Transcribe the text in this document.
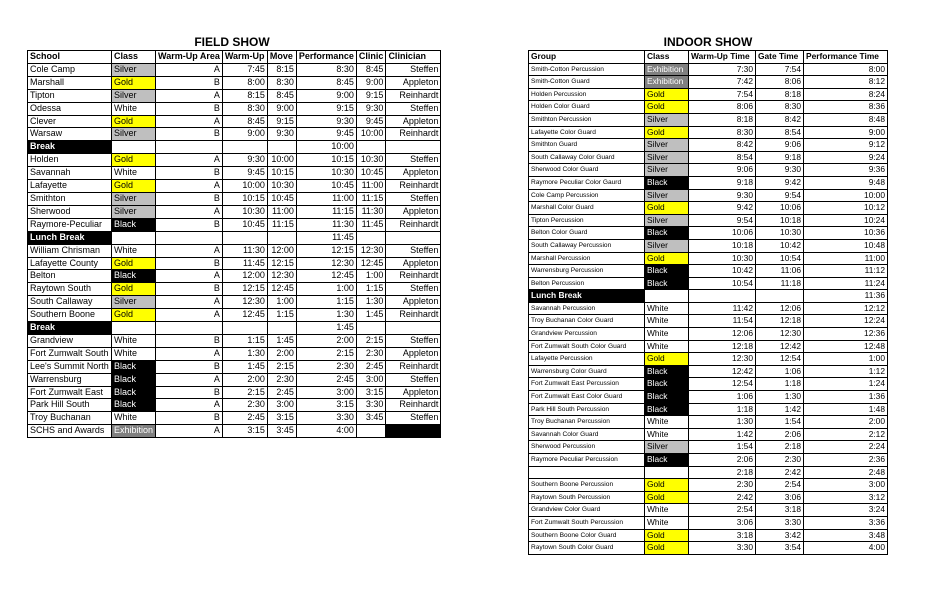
FIELD SHOW
School	Class	Warm-Up Area	Warm-Up	Move	Performance	Clinic	Clinician
Cole Camp	Silver	A	7:45	8:15	8:30	8:45	Steffen
Marshall	Gold	B	8:00	8:30	8:45	9:00	Appleton
Tipton	Silver	A	8:15	8:45	9:00	9:15	Reinhardt
Odessa	White	B	8:30	9:00	9:15	9:30	Steffen
Clever	Gold	A	8:45	9:15	9:30	9:45	Appleton
Warsaw	Silver	B	9:00	9:30	9:45	10:00	Reinhardt
Break					10:00		
Holden	Gold	A	9:30	10:00	10:15	10:30	Steffen
Savannah	White	B	9:45	10:15	10:30	10:45	Appleton
Lafayette	Gold	A	10:00	10:30	10:45	11:00	Reinhardt
Smithton	Silver	B	10:15	10:45	11:00	11:15	Steffen
Sherwood	Silver	A	10:30	11:00	11:15	11:30	Appleton
Raymore-Peculiar	Black	B	10:45	11:15	11:30	11:45	Reinhardt
Lunch Break					11:45		
William Chrisman	White	A	11:30	12:00	12:15	12:30	Steffen
Lafayette County	Gold	B	11:45	12:15	12:30	12:45	Appleton
Belton	Black	A	12:00	12:30	12:45	1:00	Reinhardt
Raytown South	Gold	B	12:15	12:45	1:00	1:15	Steffen
South Callaway	Silver	A	12:30	1:00	1:15	1:30	Appleton
Southern Boone	Gold	A	12:45	1:15	1:30	1:45	Reinhardt
Break					1:45		
Grandview	White	B	1:15	1:45	2:00	2:15	Steffen
Fort Zumwalt South	White	A	1:30	2:00	2:15	2:30	Appleton
Lee's Summit North	Black	B	1:45	2:15	2:30	2:45	Reinhardt
Warrensburg	Black	A	2:00	2:30	2:45	3:00	Steffen
Fort Zumwalt East	Black	B	2:15	2:45	3:00	3:15	Appleton
Park Hill South	Black	A	2:30	3:00	3:15	3:30	Reinhardt
Troy Buchanan	White	B	2:45	3:15	3:30	3:45	Steffen
SCHS and Awards	Exhibition	A	3:15	3:45	4:00		
INDOOR SHOW
Group	Class	Warm-Up Time	Gate Time	Performance Time
Smith-Cotton Percussion	Exhibition	7:30	7:54	8:00
Smith-Cotton Guard	Exhibition	7:42	8:06	8:12
Holden Percussion	Gold	7:54	8:18	8:24
Holden Color Guard	Gold	8:06	8:30	8:36
Smithton Percussion	Silver	8:18	8:42	8:48
Lafayette Color Guard	Gold	8:30	8:54	9:00
Smithton Guard	Silver	8:42	9:06	9:12
South Callaway Color Guard	Silver	8:54	9:18	9:24
Sherwood Color Guard	Silver	9:06	9:30	9:36
Raymore Peculiar Color Gaurd	Black	9:18	9:42	9:48
Cole Camp Percussion	Silver	9:30	9:54	10:00
Marshall Color Guard	Gold	9:42	10:06	10:12
Tipton Percussion	Silver	9:54	10:18	10:24
Belton Color Guard	Black	10:06	10:30	10:36
South Callaway Percussion	Silver	10:18	10:42	10:48
Marshall Percussion	Gold	10:30	10:54	11:00
Warrensburg Percussion	Black	10:42	11:06	11:12
Belton Percussion	Black	10:54	11:18	11:24
Lunch Break				11:36
Savannah Percussion	White	11:42	12:06	12:12
Troy Buchanan Color Guard	White	11:54	12:18	12:24
Grandview Percussion	White	12:06	12:30	12:36
Fort Zumwalt South Color Guard	White	12:18	12:42	12:48
Lafayette Percussion	Gold	12:30	12:54	1:00
Warrensburg Color Guard	Black	12:42	1:06	1:12
Fort Zumwalt East Percussion	Black	12:54	1:18	1:24
Fort Zumwalt East Color Guard	Black	1:06	1:30	1:36
Park Hill South Percussion	Black	1:18	1:42	1:48
Troy Buchanan Percussion	White	1:30	1:54	2:00
Savannah Color Guard	White	1:42	2:06	2:12
Sherwood Percussion	Silver	1:54	2:18	2:24
Raymore Peculiar Percussion	Black	2:06	2:30	2:36
		2:18	2:42	2:48
Southern Boone Percussion	Gold	2:30	2:54	3:00
Raytown South Percussion	Gold	2:42	3:06	3:12
Grandview Color Guard	White	2:54	3:18	3:24
Fort Zumwalt South Percussion	White	3:06	3:30	3:36
Southern Boone Color Guard	Gold	3:18	3:42	3:48
Raytown South Color Guard	Gold	3:30	3:54	4:00
